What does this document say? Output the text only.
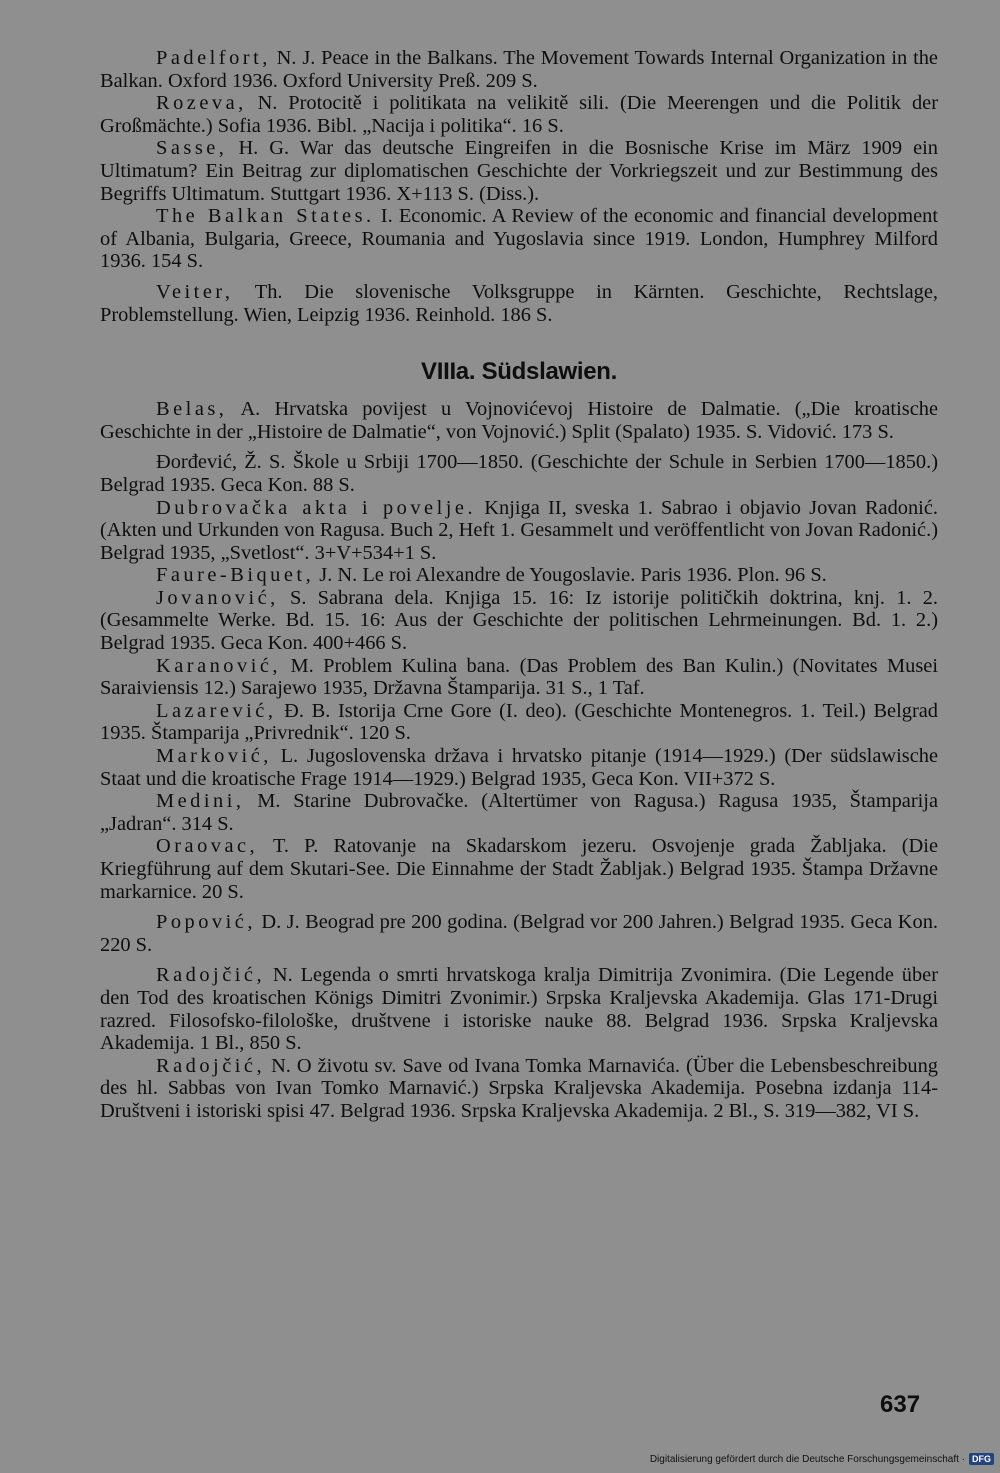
Padelfort, N. J. Peace in the Balkans. The Movement Towards Internal Organization in the Balkan. Oxford 1936. Oxford University Preß. 209 S.

Rozeva, N. Protocitě i politikata na velikitě sili. (Die Meerengen und die Politik der Großmächte.) Sofia 1936. Bibl. „Nacija i politika“. 16 S.

Sasse, H. G. War das deutsche Eingreifen in die Bosnische Krise im März 1909 ein Ultimatum? Ein Beitrag zur diplomatischen Geschichte der Vorkriegszeit und zur Bestimmung des Begriffs Ultimatum. Stuttgart 1936. X+113 S. (Diss.).

The Balkan States. I. Economic. A Review of the economic and financial development of Albania, Bulgaria, Greece, Roumania and Yugoslavia since 1919. London, Humphrey Milford 1936. 154 S.

Veiter, Th. Die slovenische Volksgruppe in Kärnten. Geschichte, Rechtslage, Problemstellung. Wien, Leipzig 1936. Reinhold. 186 S.

VIIIa. Südslawien.

Belas, A. Hrvatska povijest u Vojnovićevoj Histoire de Dalmatie. („Die kroatische Geschichte in der „Histoire de Dalmatie“, von Vojnović.) Split (Spalato) 1935. S. Vidović. 173 S.

Đorđević, Ž. S. Škole u Srbiji 1700—1850. (Geschichte der Schule in Serbien 1700—1850.) Belgrad 1935. Geca Kon. 88 S.

Dubrovačka akta i povelje. Knjiga II, sveska 1. Sabrao i objavio Jovan Radonić. (Akten und Urkunden von Ragusa. Buch 2, Heft 1. Gesammelt und veröffentlicht von Jovan Radonić.) Belgrad 1935, „Svetlost“. 3+V+534+1 S.

Faure-Biquet, J. N. Le roi Alexandre de Yougoslavie. Paris 1936. Plon. 96 S.

Jovanović, S. Sabrana dela. Knjiga 15. 16: Iz istorije političkih doktrina, knj. 1. 2. (Gesammelte Werke. Bd. 15. 16: Aus der Geschichte der politischen Lehrmeinungen. Bd. 1. 2.) Belgrad 1935. Geca Kon. 400+466 S.

Karanović, M. Problem Kulina bana. (Das Problem des Ban Kulin.) (Novitates Musei Saraiviensis 12.) Sarajewo 1935, Državna Štamparija. 31 S., 1 Taf.

Lazarević, Đ. B. Istorija Crne Gore (I. deo). (Geschichte Montenegros. 1. Teil.) Belgrad 1935. Štamparija „Privrednik“. 120 S.

Marković, L. Jugoslovenska država i hrvatsko pitanje (1914—1929.) (Der südslawische Staat und die kroatische Frage 1914—1929.) Belgrad 1935, Geca Kon. VII+372 S.

Medini, M. Starine Dubrovačke. (Altertümer von Ragusa.) Ragusa 1935, Štamparija „Jadran“. 314 S.

Oraovac, T. P. Ratovanje na Skadarskom jezeru. Osvojenje grada Žabljaka. (Die Kriegführung auf dem Skutari-See. Die Einnahme der Stadt Žabljak.) Belgrad 1935. Štampa Državne markarnice. 20 S.

Popović, D. J. Beograd pre 200 godina. (Belgrad vor 200 Jahren.) Belgrad 1935. Geca Kon. 220 S.

Radojčić, N. Legenda o smrti hrvatskoga kralja Dimitrija Zvonimira. (Die Legende über den Tod des kroatischen Königs Dimitri Zvonimir.) Srpska Kraljevska Akademija. Glas 171-Drugi razred. Filosofsko-filološke, društvene i istoriske nauke 88. Belgrad 1936. Srpska Kraljevska Akademija. 1 Bl., 850 S.

Radojčić, N. O životu sv. Save od Ivana Tomka Marnavića. (Über die Lebensbeschreibung des hl. Sabbas von Ivan Tomko Marnavić.) Srpska Kraljevska Akademija. Posebna izdanja 114-Društveni i istoriski spisi 47. Belgrad 1936. Srpska Kraljevska Akademija. 2 Bl., S. 319—382, VI S.

637
Digitalisierung gefördert durch die Deutsche Forschungsgemeinschaft · DFG
